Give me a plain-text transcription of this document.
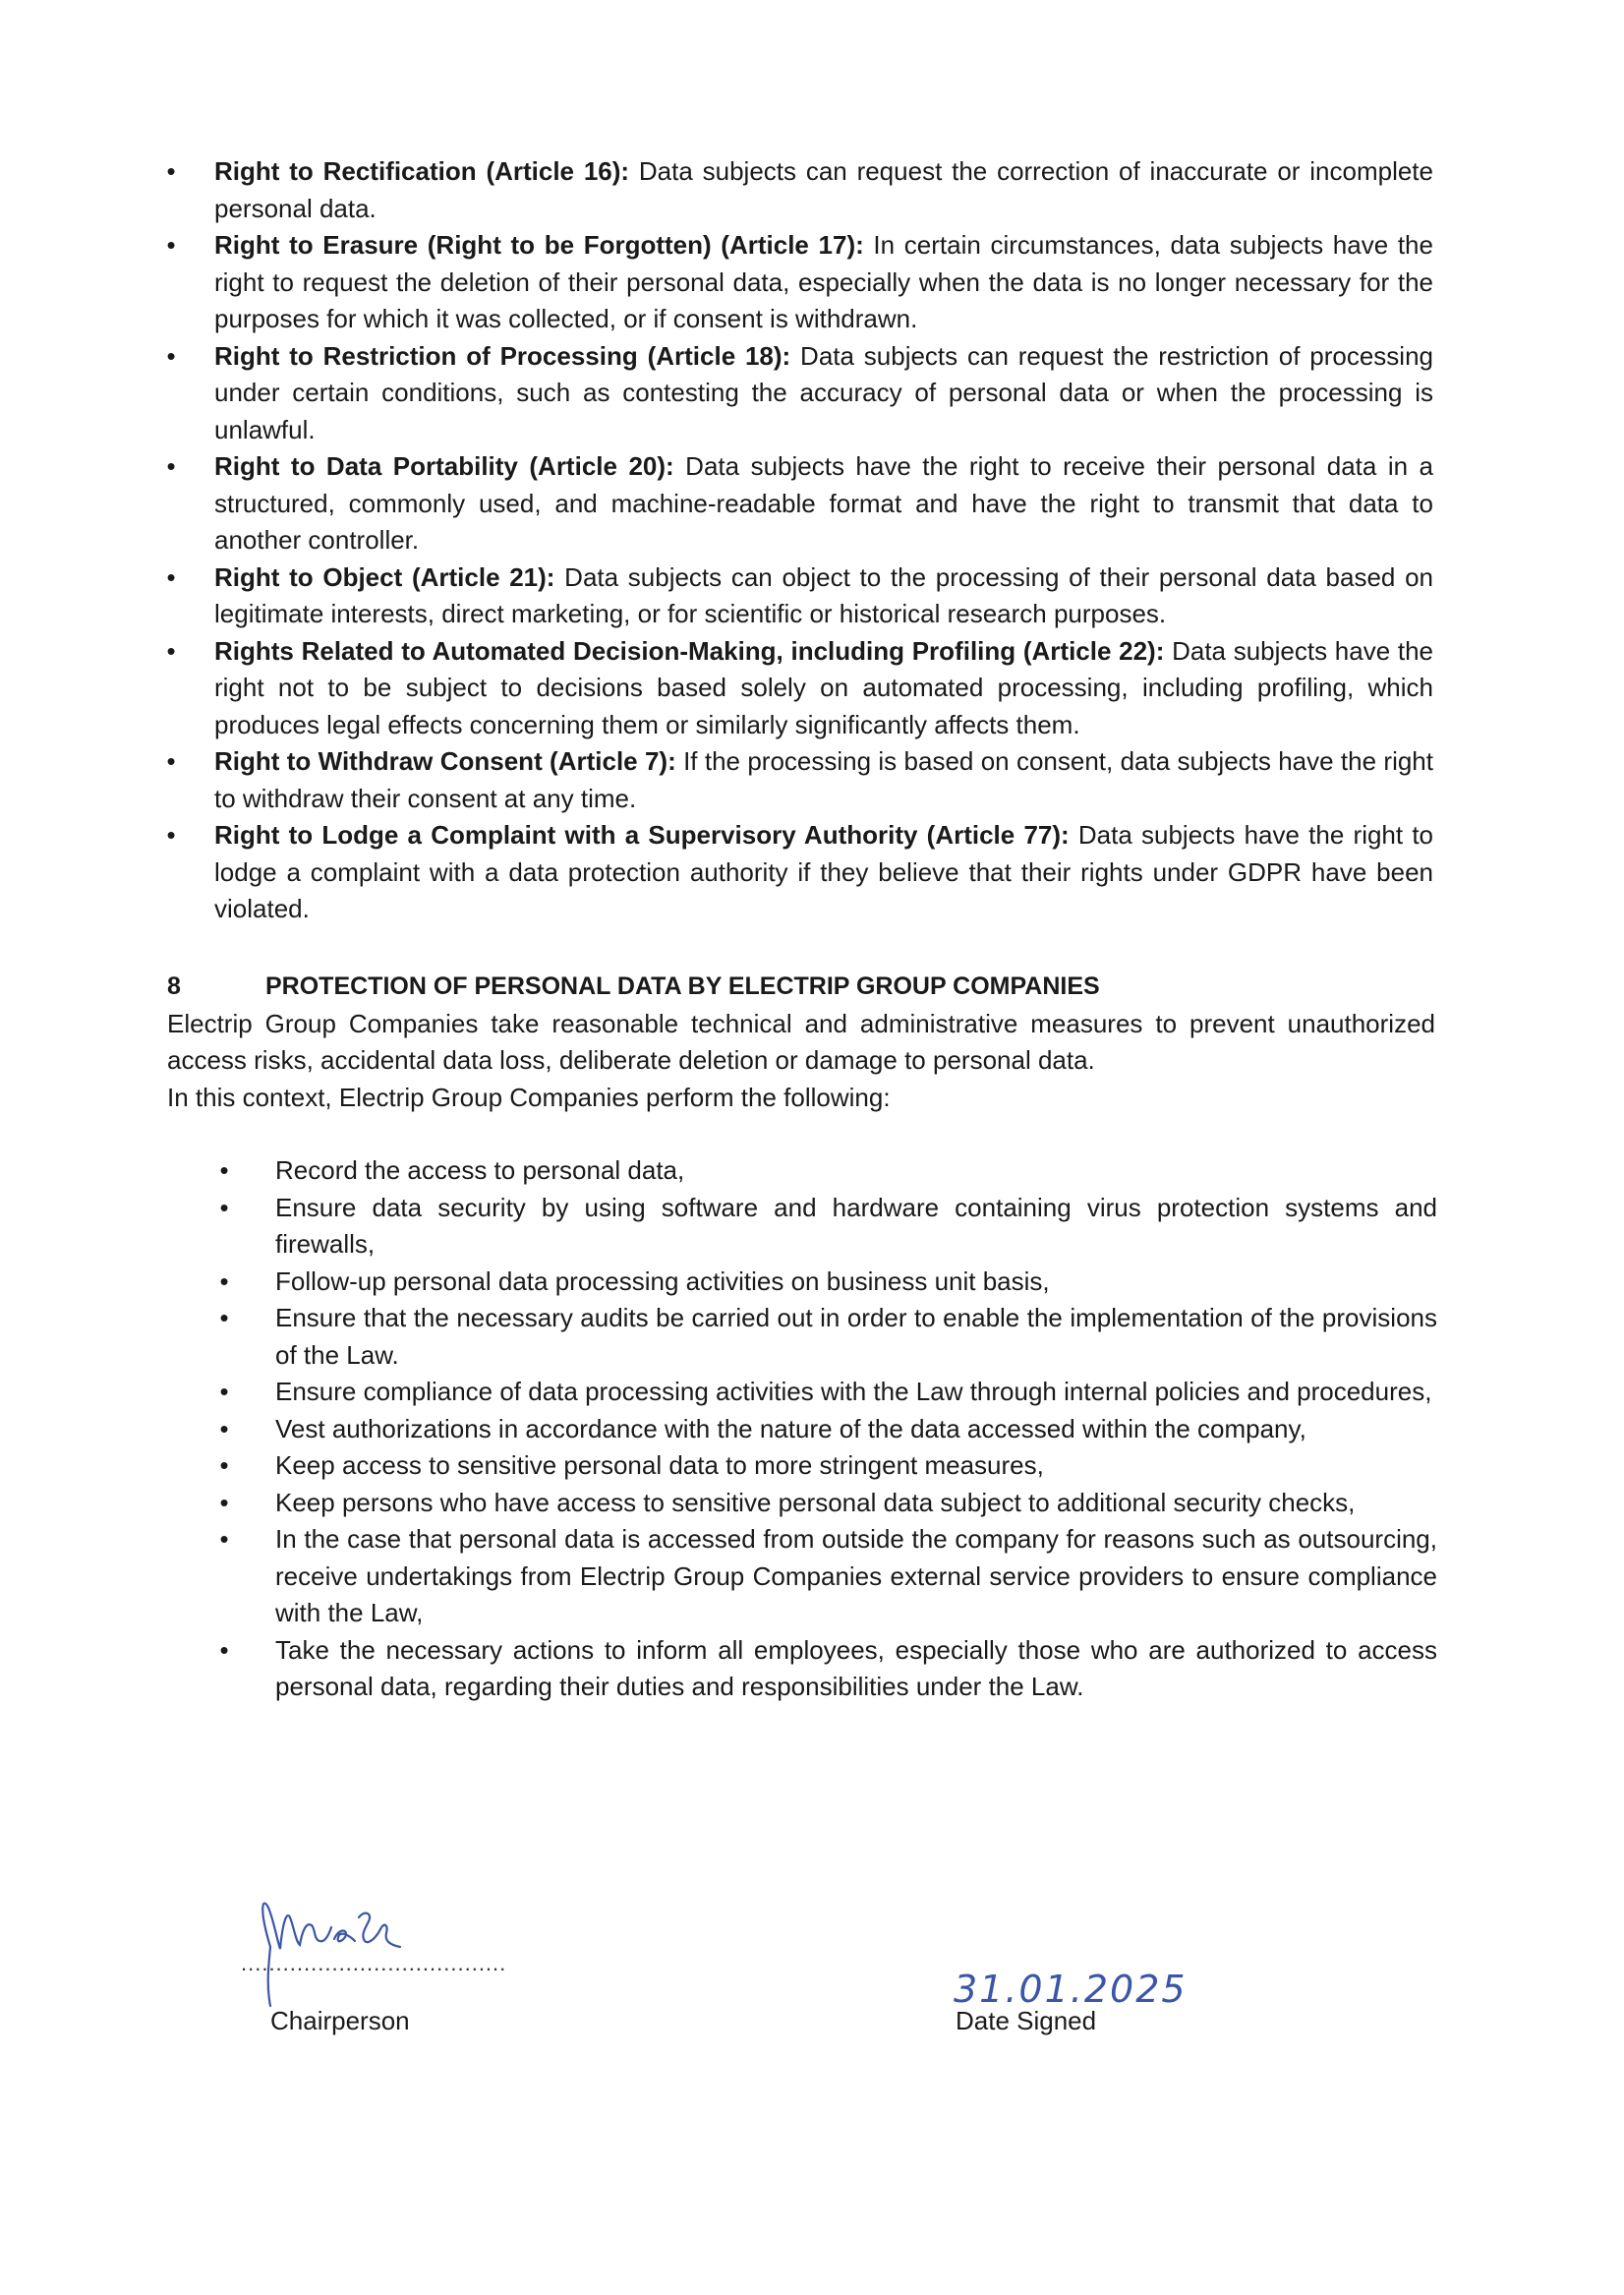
• Right to Rectification (Article 16): Data subjects can request the correction of inaccurate or incomplete personal data.
• Right to Erasure (Right to be Forgotten) (Article 17): In certain circumstances, data subjects have the right to request the deletion of their personal data, especially when the data is no longer necessary for the purposes for which it was collected, or if consent is withdrawn.
• Right to Restriction of Processing (Article 18): Data subjects can request the restriction of processing under certain conditions, such as contesting the accuracy of personal data or when the processing is unlawful.
• Right to Data Portability (Article 20): Data subjects have the right to receive their personal data in a structured, commonly used, and machine-readable format and have the right to transmit that data to another controller.
• Right to Object (Article 21): Data subjects can object to the processing of their personal data based on legitimate interests, direct marketing, or for scientific or historical research purposes.
• Rights Related to Automated Decision-Making, including Profiling (Article 22): Data subjects have the right not to be subject to decisions based solely on automated processing, including profiling, which produces legal effects concerning them or similarly significantly affects them.
• Right to Withdraw Consent (Article 7): If the processing is based on consent, data subjects have the right to withdraw their consent at any time.
• Right to Lodge a Complaint with a Supervisory Authority (Article 77): Data subjects have the right to lodge a complaint with a data protection authority if they believe that their rights under GDPR have been violated.

8	PROTECTION OF PERSONAL DATA BY ELECTRIP GROUP COMPANIES

Electrip Group Companies take reasonable technical and administrative measures to prevent unauthorized access risks, accidental data loss, deliberate deletion or damage to personal data.

In this context, Electrip Group Companies perform the following:

• Record the access to personal data,
• Ensure data security by using software and hardware containing virus protection systems and firewalls,
• Follow-up personal data processing activities on business unit basis,
• Ensure that the necessary audits be carried out in order to enable the implementation of the provisions of the Law.
• Ensure compliance of data processing activities with the Law through internal policies and procedures,
• Vest authorizations in accordance with the nature of the data accessed within the company,
• Keep access to sensitive personal data to more stringent measures,
• Keep persons who have access to sensitive personal data subject to additional security checks,
• In the case that personal data is accessed from outside the company for reasons such as outsourcing, receive undertakings from Electrip Group Companies external service providers to ensure compliance with the Law,
• Take the necessary actions to inform all employees, especially those who are authorized to access personal data, regarding their duties and responsibilities under the Law.
......................................
Chairperson
31.01.2025
Date Signed
